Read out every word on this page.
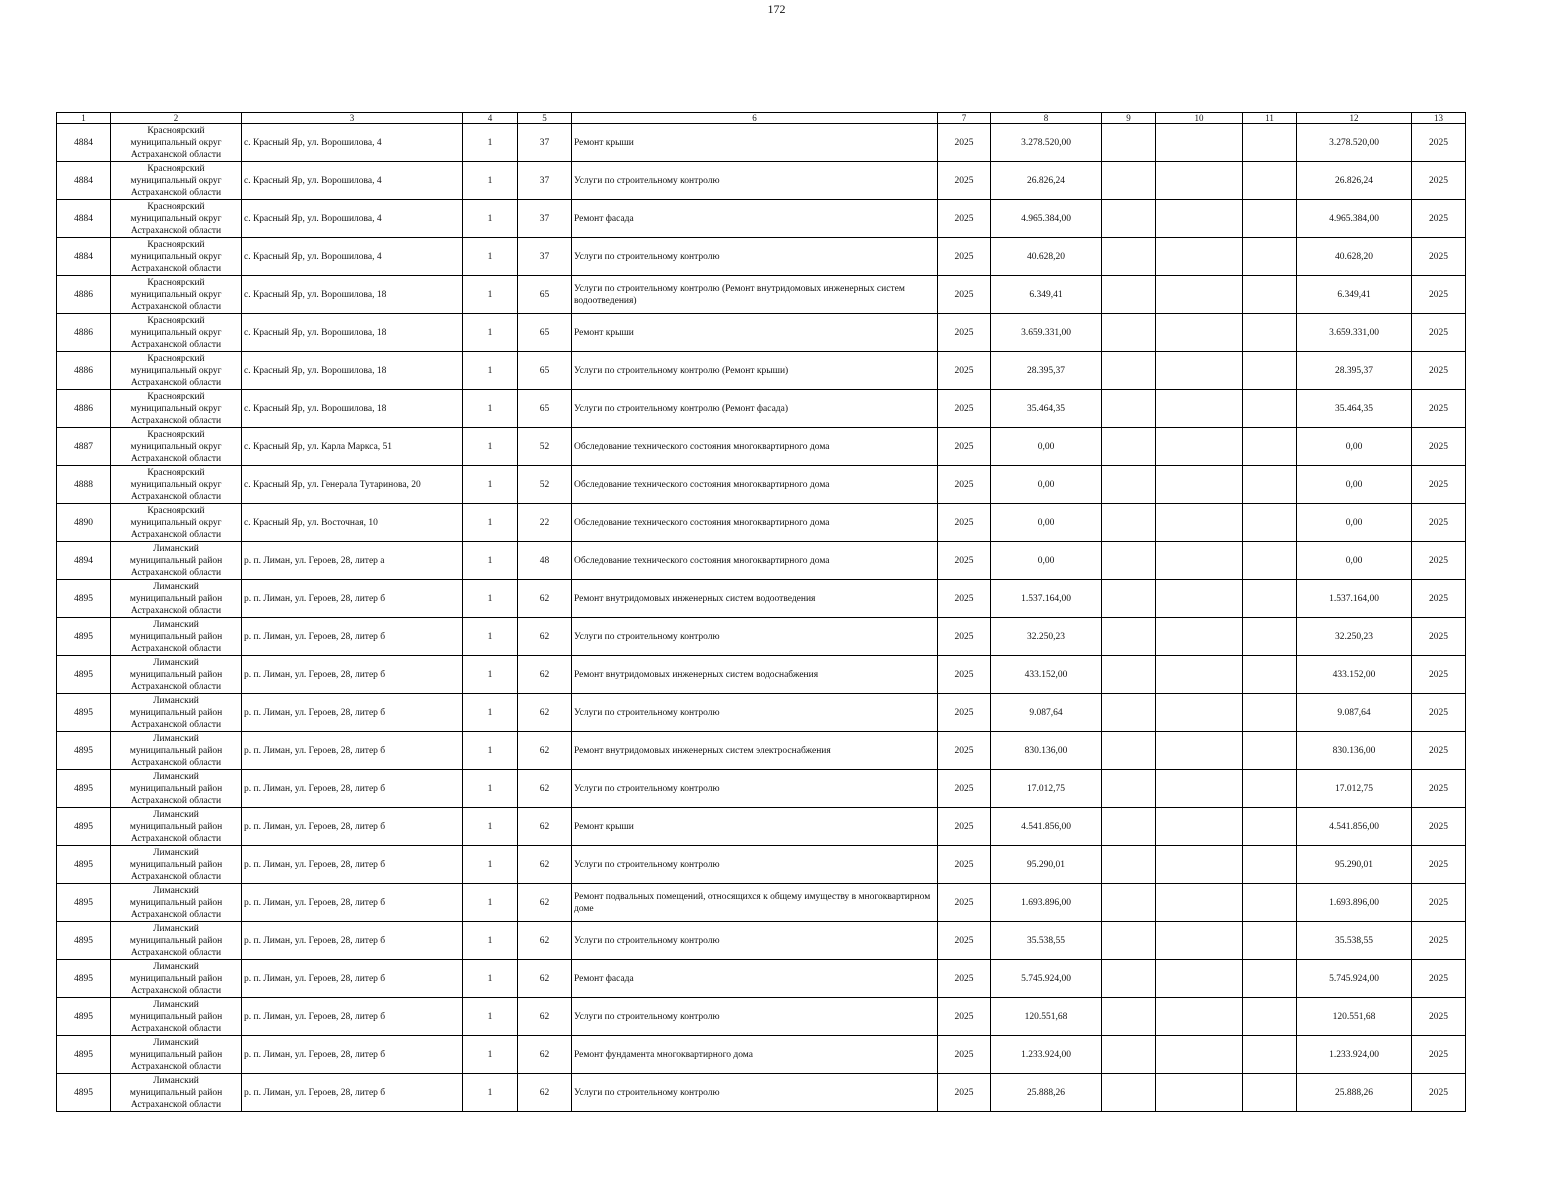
172
1	2	3	4	5	6	7	8	9	10	11	12	13
4884	Красноярский
муниципальный округ
Астраханской области	с. Красный Яр, ул. Ворошилова, 4	1	37	Ремонт крыши	2025	3.278.520,00				3.278.520,00	2025
4884	Красноярский
муниципальный округ
Астраханской области	с. Красный Яр, ул. Ворошилова, 4	1	37	Услуги по строительному контролю	2025	26.826,24				26.826,24	2025
4884	Красноярский
муниципальный округ
Астраханской области	с. Красный Яр, ул. Ворошилова, 4	1	37	Ремонт фасада	2025	4.965.384,00				4.965.384,00	2025
4884	Красноярский
муниципальный округ
Астраханской области	с. Красный Яр, ул. Ворошилова, 4	1	37	Услуги по строительному контролю	2025	40.628,20				40.628,20	2025
4886	Красноярский
муниципальный округ
Астраханской области	с. Красный Яр, ул. Ворошилова, 18	1	65	Услуги по строительному контролю (Ремонт внутридомовых инженерных систем водоотведения)	2025	6.349,41				6.349,41	2025
4886	Красноярский
муниципальный округ
Астраханской области	с. Красный Яр, ул. Ворошилова, 18	1	65	Ремонт крыши	2025	3.659.331,00				3.659.331,00	2025
4886	Красноярский
муниципальный округ
Астраханской области	с. Красный Яр, ул. Ворошилова, 18	1	65	Услуги по строительному контролю (Ремонт крыши)	2025	28.395,37				28.395,37	2025
4886	Красноярский
муниципальный округ
Астраханской области	с. Красный Яр, ул. Ворошилова, 18	1	65	Услуги по строительному контролю (Ремонт фасада)	2025	35.464,35				35.464,35	2025
4887	Красноярский
муниципальный округ
Астраханской области	с. Красный Яр, ул. Карла Маркса, 51	1	52	Обследование технического состояния многоквартирного дома	2025	0,00				0,00	2025
4888	Красноярский
муниципальный округ
Астраханской области	с. Красный Яр, ул. Генерала Тутаринова, 20	1	52	Обследование технического состояния многоквартирного дома	2025	0,00				0,00	2025
4890	Красноярский
муниципальный округ
Астраханской области	с. Красный Яр, ул. Восточная, 10	1	22	Обследование технического состояния многоквартирного дома	2025	0,00				0,00	2025
4894	Лиманский
муниципальный район
Астраханской области	р. п. Лиман, ул. Героев, 28, литер а	1	48	Обследование технического состояния многоквартирного дома	2025	0,00				0,00	2025
4895	Лиманский
муниципальный район
Астраханской области	р. п. Лиман, ул. Героев, 28, литер б	1	62	Ремонт внутридомовых инженерных систем водоотведения	2025	1.537.164,00				1.537.164,00	2025
4895	Лиманский
муниципальный район
Астраханской области	р. п. Лиман, ул. Героев, 28, литер б	1	62	Услуги по строительному контролю	2025	32.250,23				32.250,23	2025
4895	Лиманский
муниципальный район
Астраханской области	р. п. Лиман, ул. Героев, 28, литер б	1	62	Ремонт внутридомовых инженерных систем водоснабжения	2025	433.152,00				433.152,00	2025
4895	Лиманский
муниципальный район
Астраханской области	р. п. Лиман, ул. Героев, 28, литер б	1	62	Услуги по строительному контролю	2025	9.087,64				9.087,64	2025
4895	Лиманский
муниципальный район
Астраханской области	р. п. Лиман, ул. Героев, 28, литер б	1	62	Ремонт внутридомовых инженерных систем электроснабжения	2025	830.136,00				830.136,00	2025
4895	Лиманский
муниципальный район
Астраханской области	р. п. Лиман, ул. Героев, 28, литер б	1	62	Услуги по строительному контролю	2025	17.012,75				17.012,75	2025
4895	Лиманский
муниципальный район
Астраханской области	р. п. Лиман, ул. Героев, 28, литер б	1	62	Ремонт крыши	2025	4.541.856,00				4.541.856,00	2025
4895	Лиманский
муниципальный район
Астраханской области	р. п. Лиман, ул. Героев, 28, литер б	1	62	Услуги по строительному контролю	2025	95.290,01				95.290,01	2025
4895	Лиманский
муниципальный район
Астраханской области	р. п. Лиман, ул. Героев, 28, литер б	1	62	Ремонт подвальных помещений, относящихся к общему имуществу в многоквартирном доме	2025	1.693.896,00				1.693.896,00	2025
4895	Лиманский
муниципальный район
Астраханской области	р. п. Лиман, ул. Героев, 28, литер б	1	62	Услуги по строительному контролю	2025	35.538,55				35.538,55	2025
4895	Лиманский
муниципальный район
Астраханской области	р. п. Лиман, ул. Героев, 28, литер б	1	62	Ремонт фасада	2025	5.745.924,00				5.745.924,00	2025
4895	Лиманский
муниципальный район
Астраханской области	р. п. Лиман, ул. Героев, 28, литер б	1	62	Услуги по строительному контролю	2025	120.551,68				120.551,68	2025
4895	Лиманский
муниципальный район
Астраханской области	р. п. Лиман, ул. Героев, 28, литер б	1	62	Ремонт фундамента многоквартирного дома	2025	1.233.924,00				1.233.924,00	2025
4895	Лиманский
муниципальный район
Астраханской области	р. п. Лиман, ул. Героев, 28, литер б	1	62	Услуги по строительному контролю	2025	25.888,26				25.888,26	2025
